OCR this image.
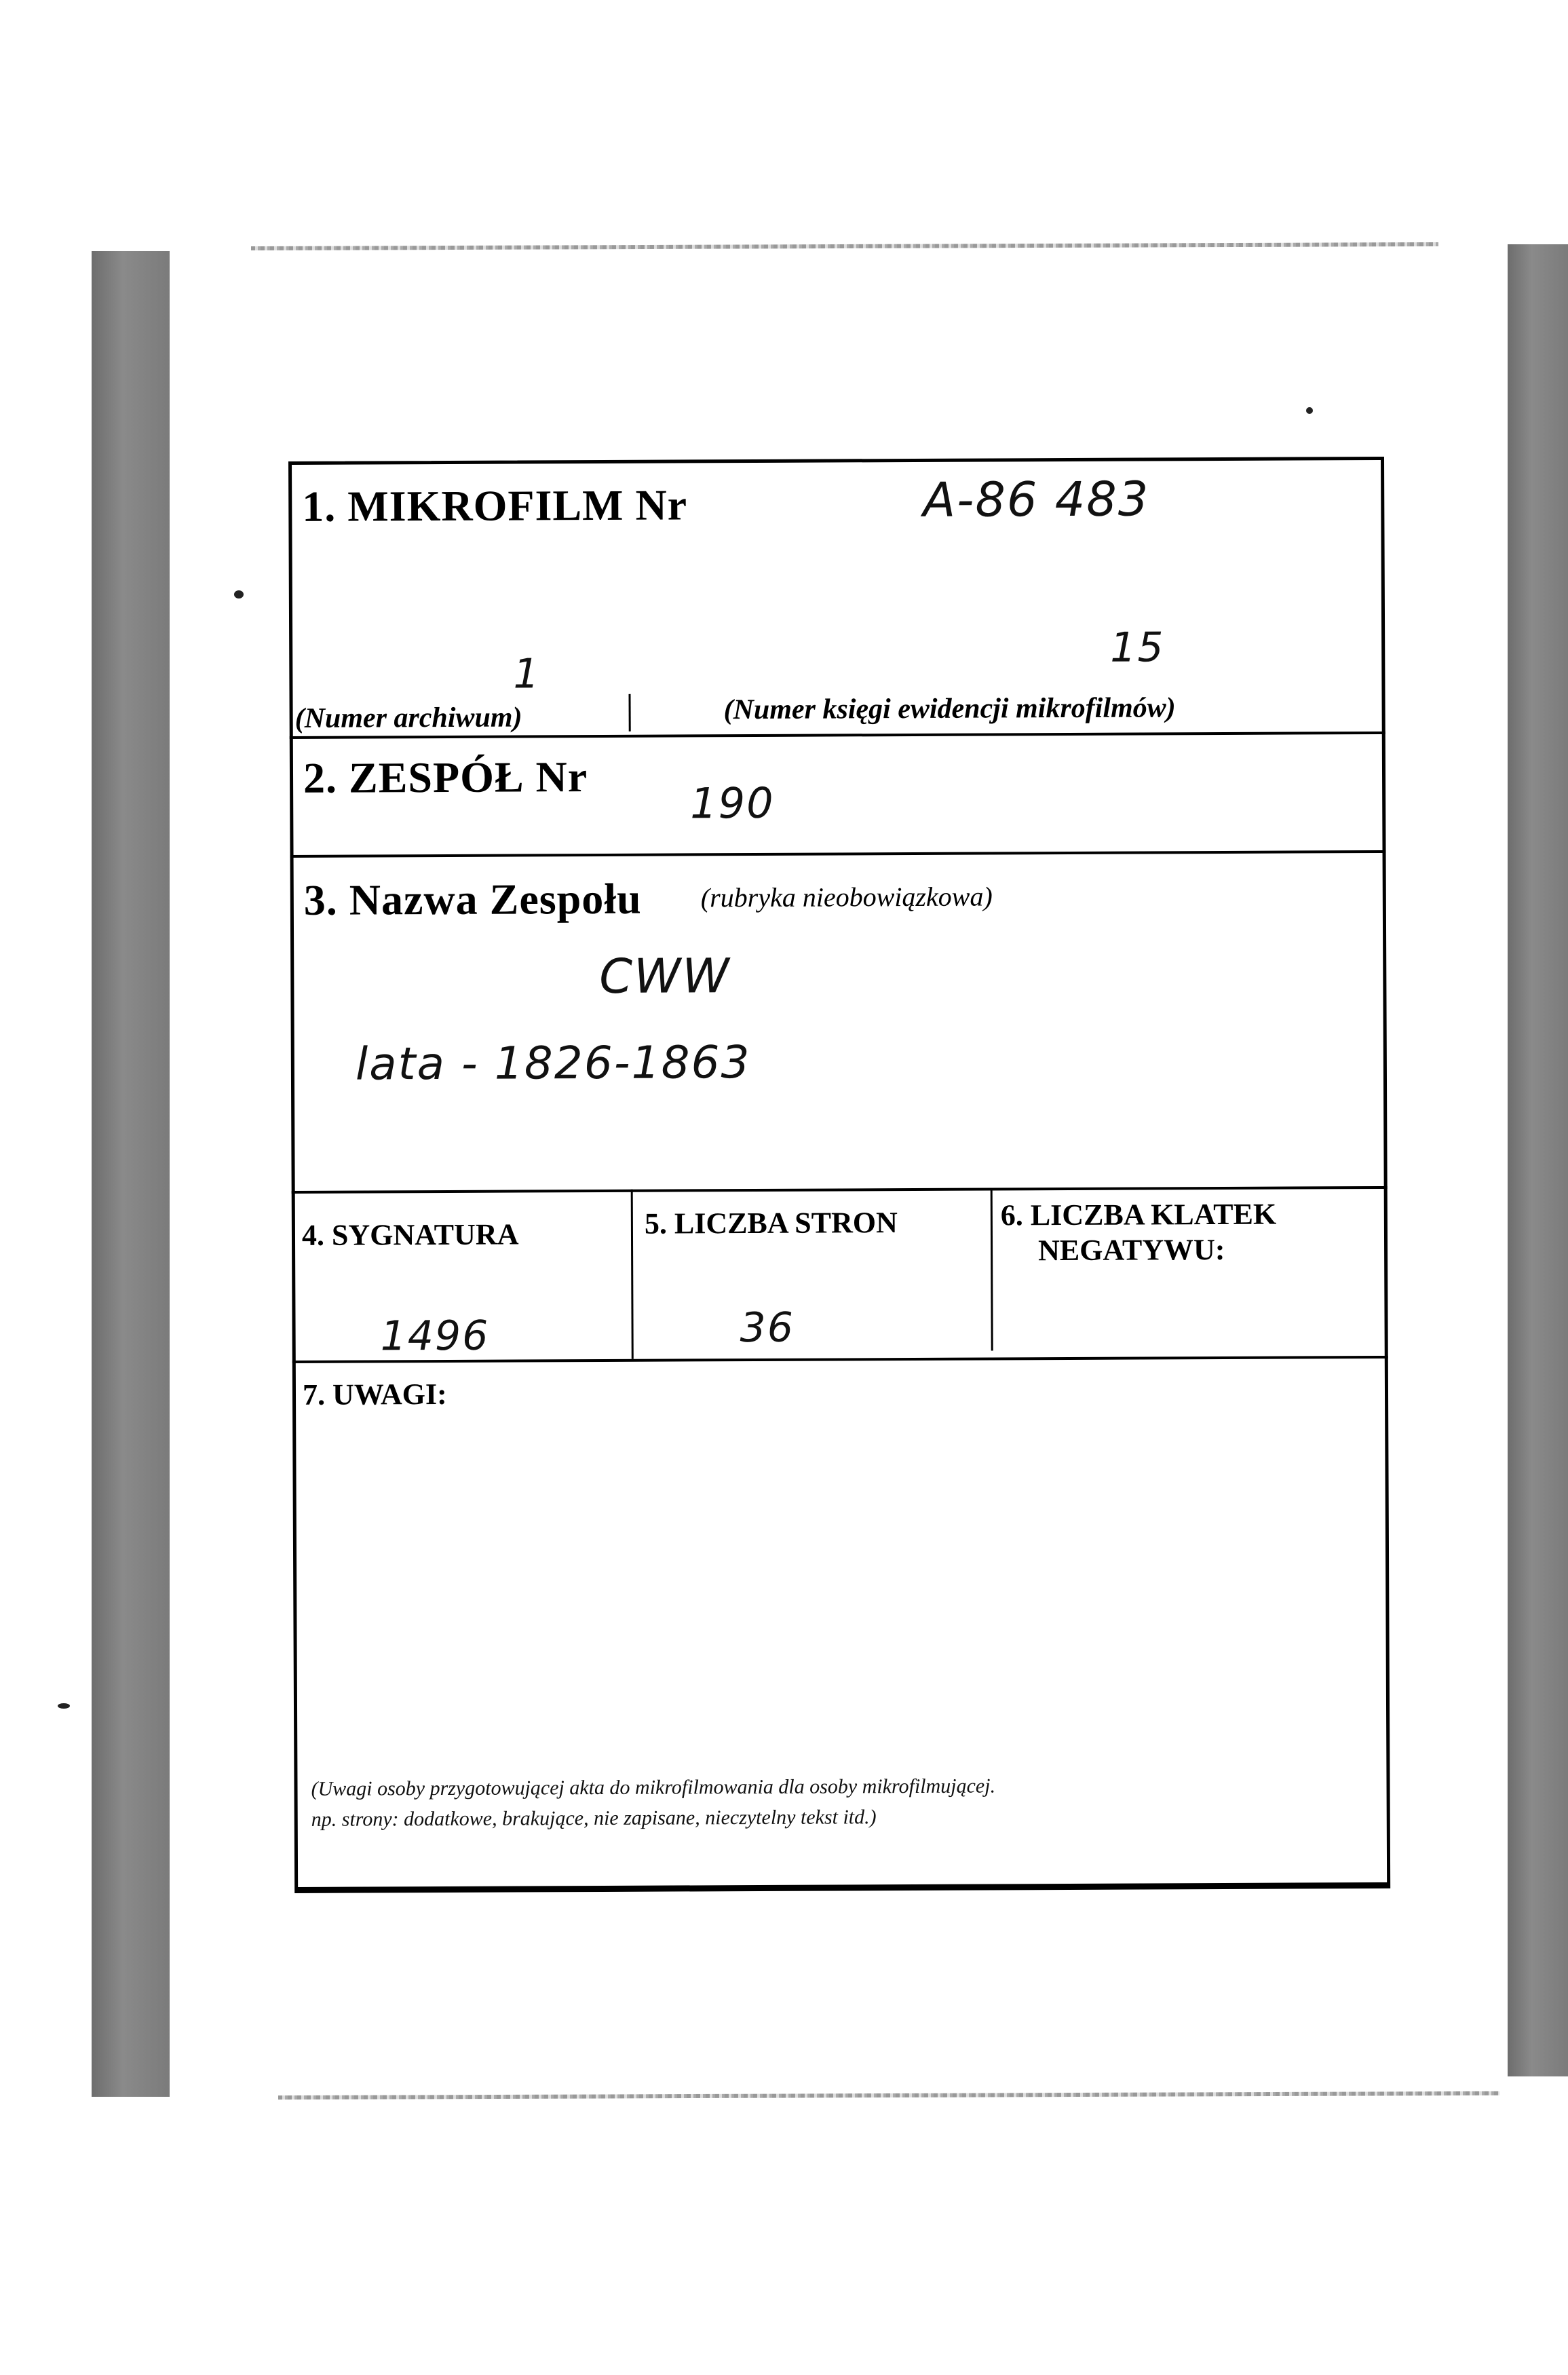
1. MIKROFILM Nr	A-86 483
1
15
(Numer archiwum)	(Numer księgi ewidencji mikrofilmów)
2. ZESPÓŁ Nr
190
3. Nazwa Zespołu (rubryka nieobowiązkowa)
CWW
lata - 1826-1863
4. SYGNATURA	5. LICZBA STRON	6. LICZBA KLATEK
NEGATYWU:
1496	36
7. UWAGI:
(Uwagi osoby przygotowującej akta do mikrofilmowania dla osoby mikrofilmującej.
np. strony: dodatkowe, brakujące, nie zapisane, nieczytelny tekst itd.)
